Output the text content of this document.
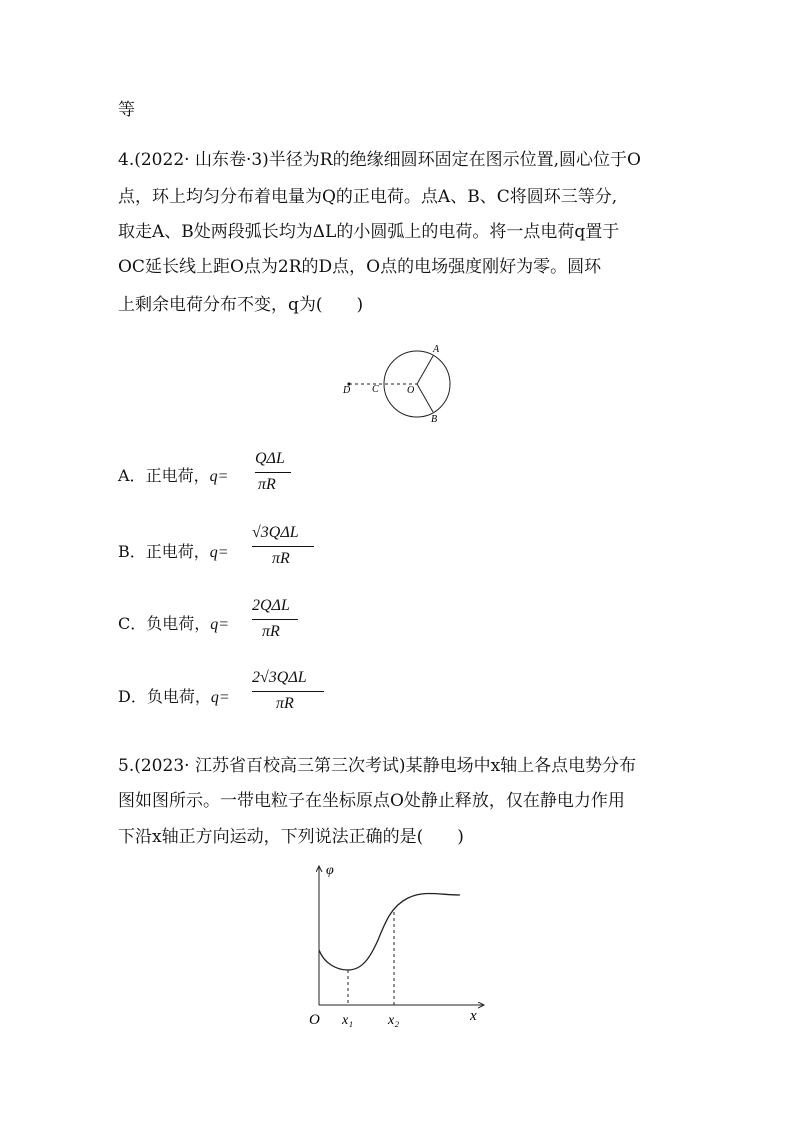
等
4.(2022· 山东卷·3)半径为R的绝缘细圆环固定在图示位置,圆心位于O
点，环上均匀分布着电量为Q的正电荷。点A、B、C将圆环三等分,
取走A、B处两段弧长均为ΔL的小圆弧上的电荷。将一点电荷q置于
OC延长线上距O点为2R的D点，O点的电场强度刚好为零。圆环
上剩余电荷分布不变，q为(　　)
A
B
C
D	O
A．正电荷，q=
QΔL
πR
B．正电荷，q=
√3QΔL
πR
C．负电荷，q=
2QΔL
πR
D．负电荷，q=
2√3QΔL
πR
5.(2023· 江苏省百校高三第三次考试)某静电场中x轴上各点电势分布
图如图所示。一带电粒子在坐标原点O处静止释放，仅在静电力作用
下沿x轴正方向运动，下列说法正确的是(　　)
φ
O	x
x₁ x₂
